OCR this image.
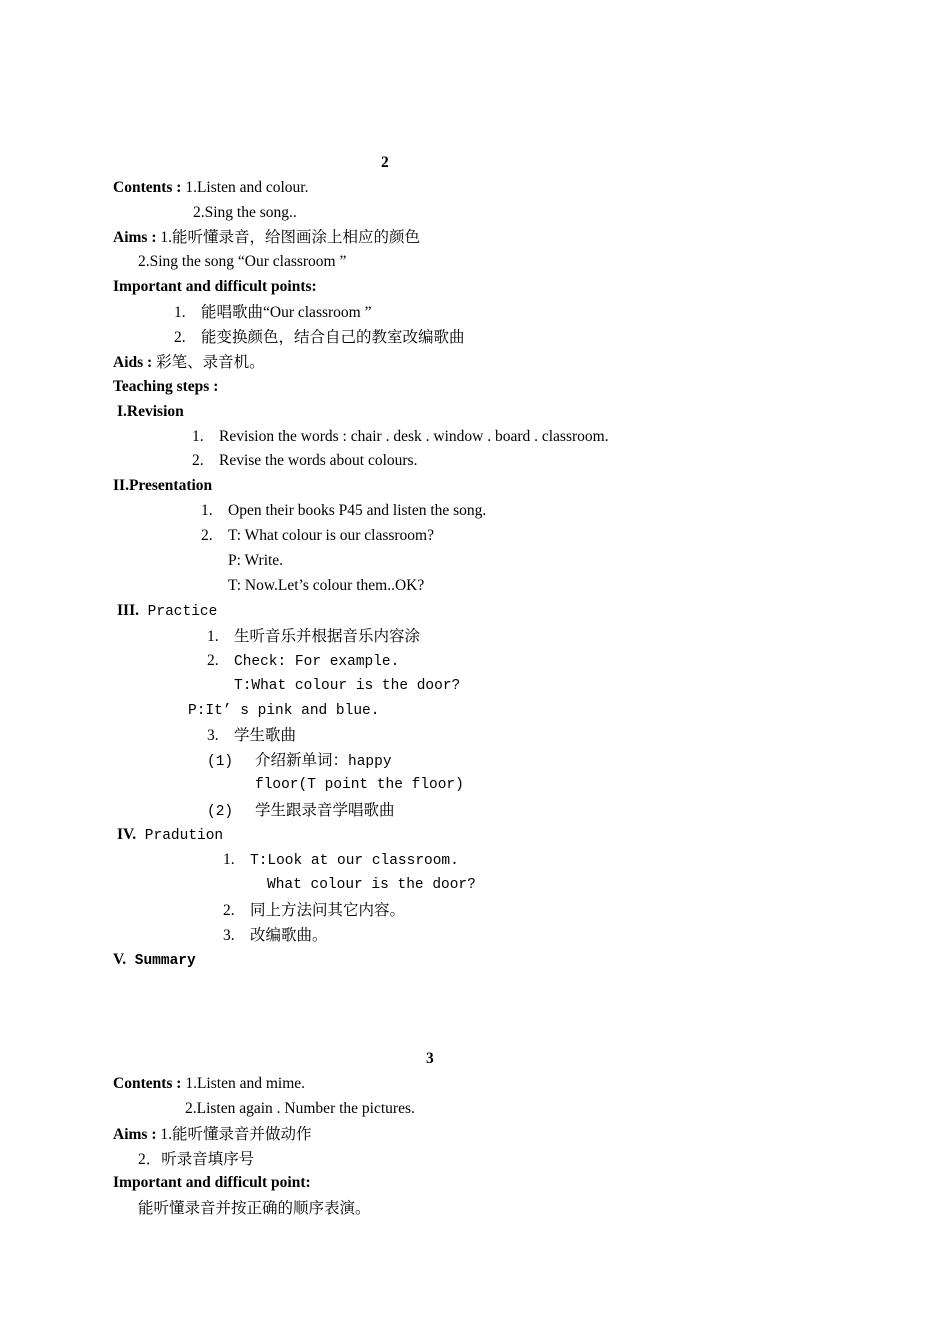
2
Contents : 1.Listen and colour.
2.Sing the song..
Aims : 1.能听懂录音，给图画涂上相应的颜色
2.Sing the song “Our classroom ”
Important and difficult points:
1. 能唱歌曲“Our classroom ”
2. 能变换颜色，结合自己的教室改编歌曲
Aids : 彩笔、录音机。
Teaching steps :
I.Revision
1. Revision the words : chair . desk . window . board . classroom.
2. Revise the words about colours.
II.Presentation
1. Open their books P45 and listen the song.
2. T: What colour is our classroom?
P: Write.
T: Now.Let’s colour them..OK?
III. Practice
1. 生听音乐并根据音乐内容涂
2. Check: For example.
T:What colour is the door?
P:It’ s pink and blue.
3. 学生歌曲
(1) 介绍新单词：happy
floor(T point the floor)
(2) 学生跟录音学唱歌曲
IV. Pradution
1. T:Look at our classroom.
What colour is the door?
2. 同上方法问其它内容。
3. 改编歌曲。
V. Summary
3
Contents : 1.Listen and mime.
2.Listen again . Number the pictures.
Aims : 1.能听懂录音并做动作
2．听录音填序号
Important and difficult point:
能听懂录音并按正确的顺序表演。
